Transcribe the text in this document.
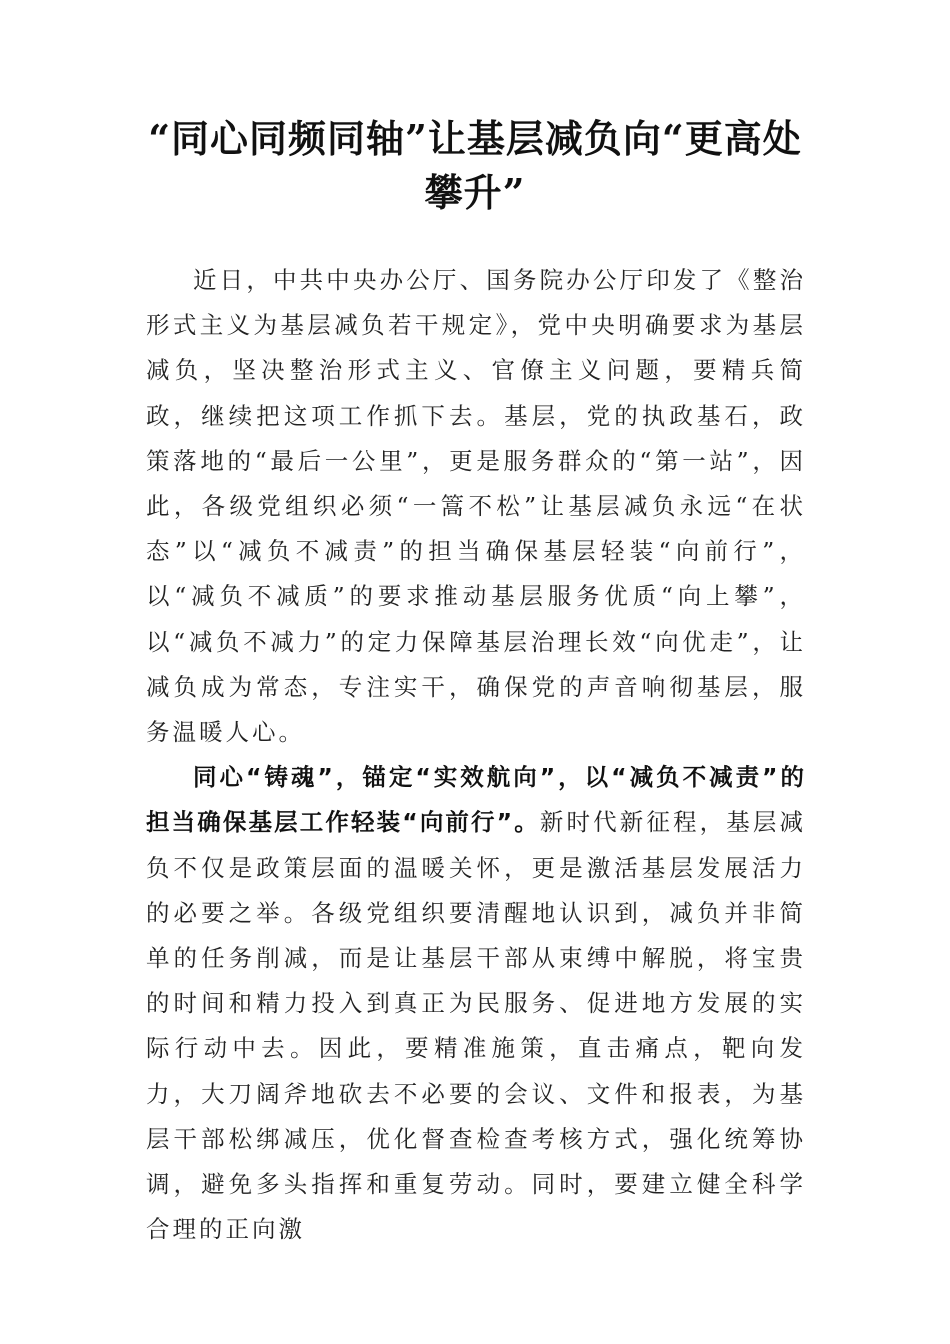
“同心同频同轴”让基层减负向“更高处攀升”

近日，中共中央办公厅、国务院办公厅印发了《整治形式主义为基层减负若干规定》，党中央明确要求为基层减负，坚决整治形式主义、官僚主义问题，要精兵简政，继续把这项工作抓下去。基层，党的执政基石，政策落地的“最后一公里”，更是服务群众的“第一站”，因此，各级党组织必须“一篙不松”让基层减负永远“在状态”以“减负不减责”的担当确保基层轻装“向前行”，以“减负不减质”的要求推动基层服务优质“向上攀”，以“减负不减力”的定力保障基层治理长效“向优走”，让减负成为常态，专注实干，确保党的声音响彻基层，服务温暖人心。

同心“铸魂”，锚定“实效航向”，以“减负不减责”的担当确保基层工作轻装“向前行”。新时代新征程，基层减负不仅是政策层面的温暖关怀，更是激活基层发展活力的必要之举。各级党组织要清醒地认识到，减负并非简单的任务削减，而是让基层干部从束缚中解脱，将宝贵的时间和精力投入到真正为民服务、促进地方发展的实际行动中去。因此，要精准施策，直击痛点，靶向发力，大刀阔斧地砍去不必要的会议、文件和报表，为基层干部松绑减压，优化督查检查考核方式，强化统筹协调，避免多头指挥和重复劳动。同时，要建立健全科学合理的正向激
